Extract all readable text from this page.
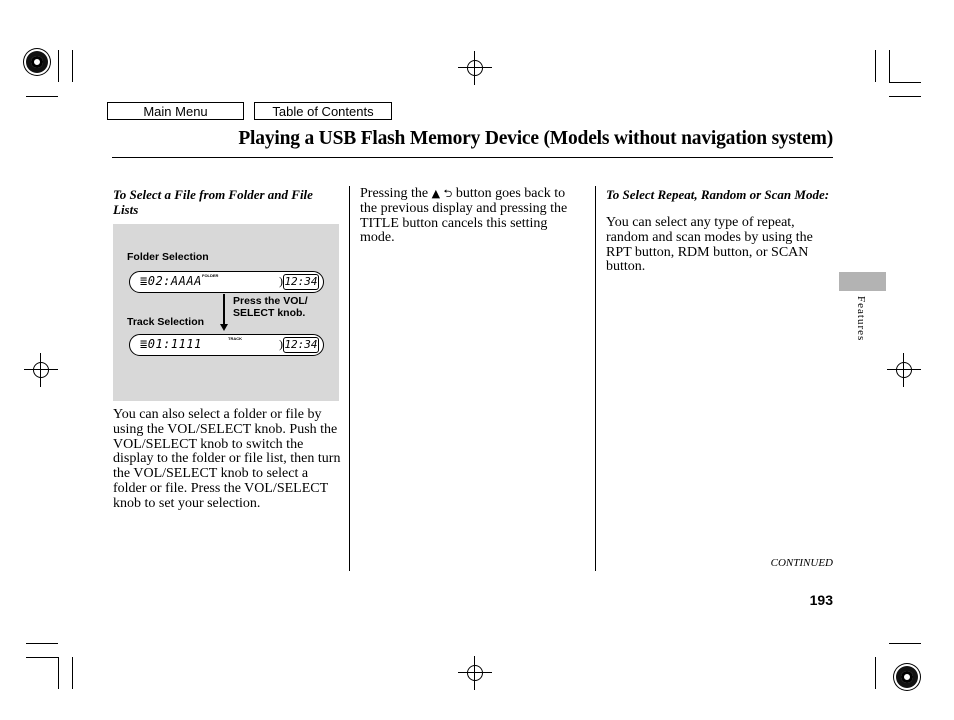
Main Menu	Table of Contents
Playing a USB Flash Memory Device (Models without navigation system)
To Select a File from Folder and File Lists
Folder Selection
FOLDER
≣02:AAAA	) 12:34
Press the VOL/
SELECT knob.
Track Selection
TRACK
≣01:1111	) 12:34
You can also select a folder or file by using the VOL/SELECT knob. Push the VOL/SELECT knob to switch the display to the folder or file list, then turn the VOL/SELECT knob to select a folder or file. Press the VOL/SELECT knob to set your selection.
Pressing the ▲ ⮌ button goes back to the previous display and pressing the TITLE button cancels this setting mode.
To Select Repeat, Random or Scan Mode:
You can select any type of repeat, random and scan modes by using the RPT button, RDM button, or SCAN button.
Features
CONTINUED
193
